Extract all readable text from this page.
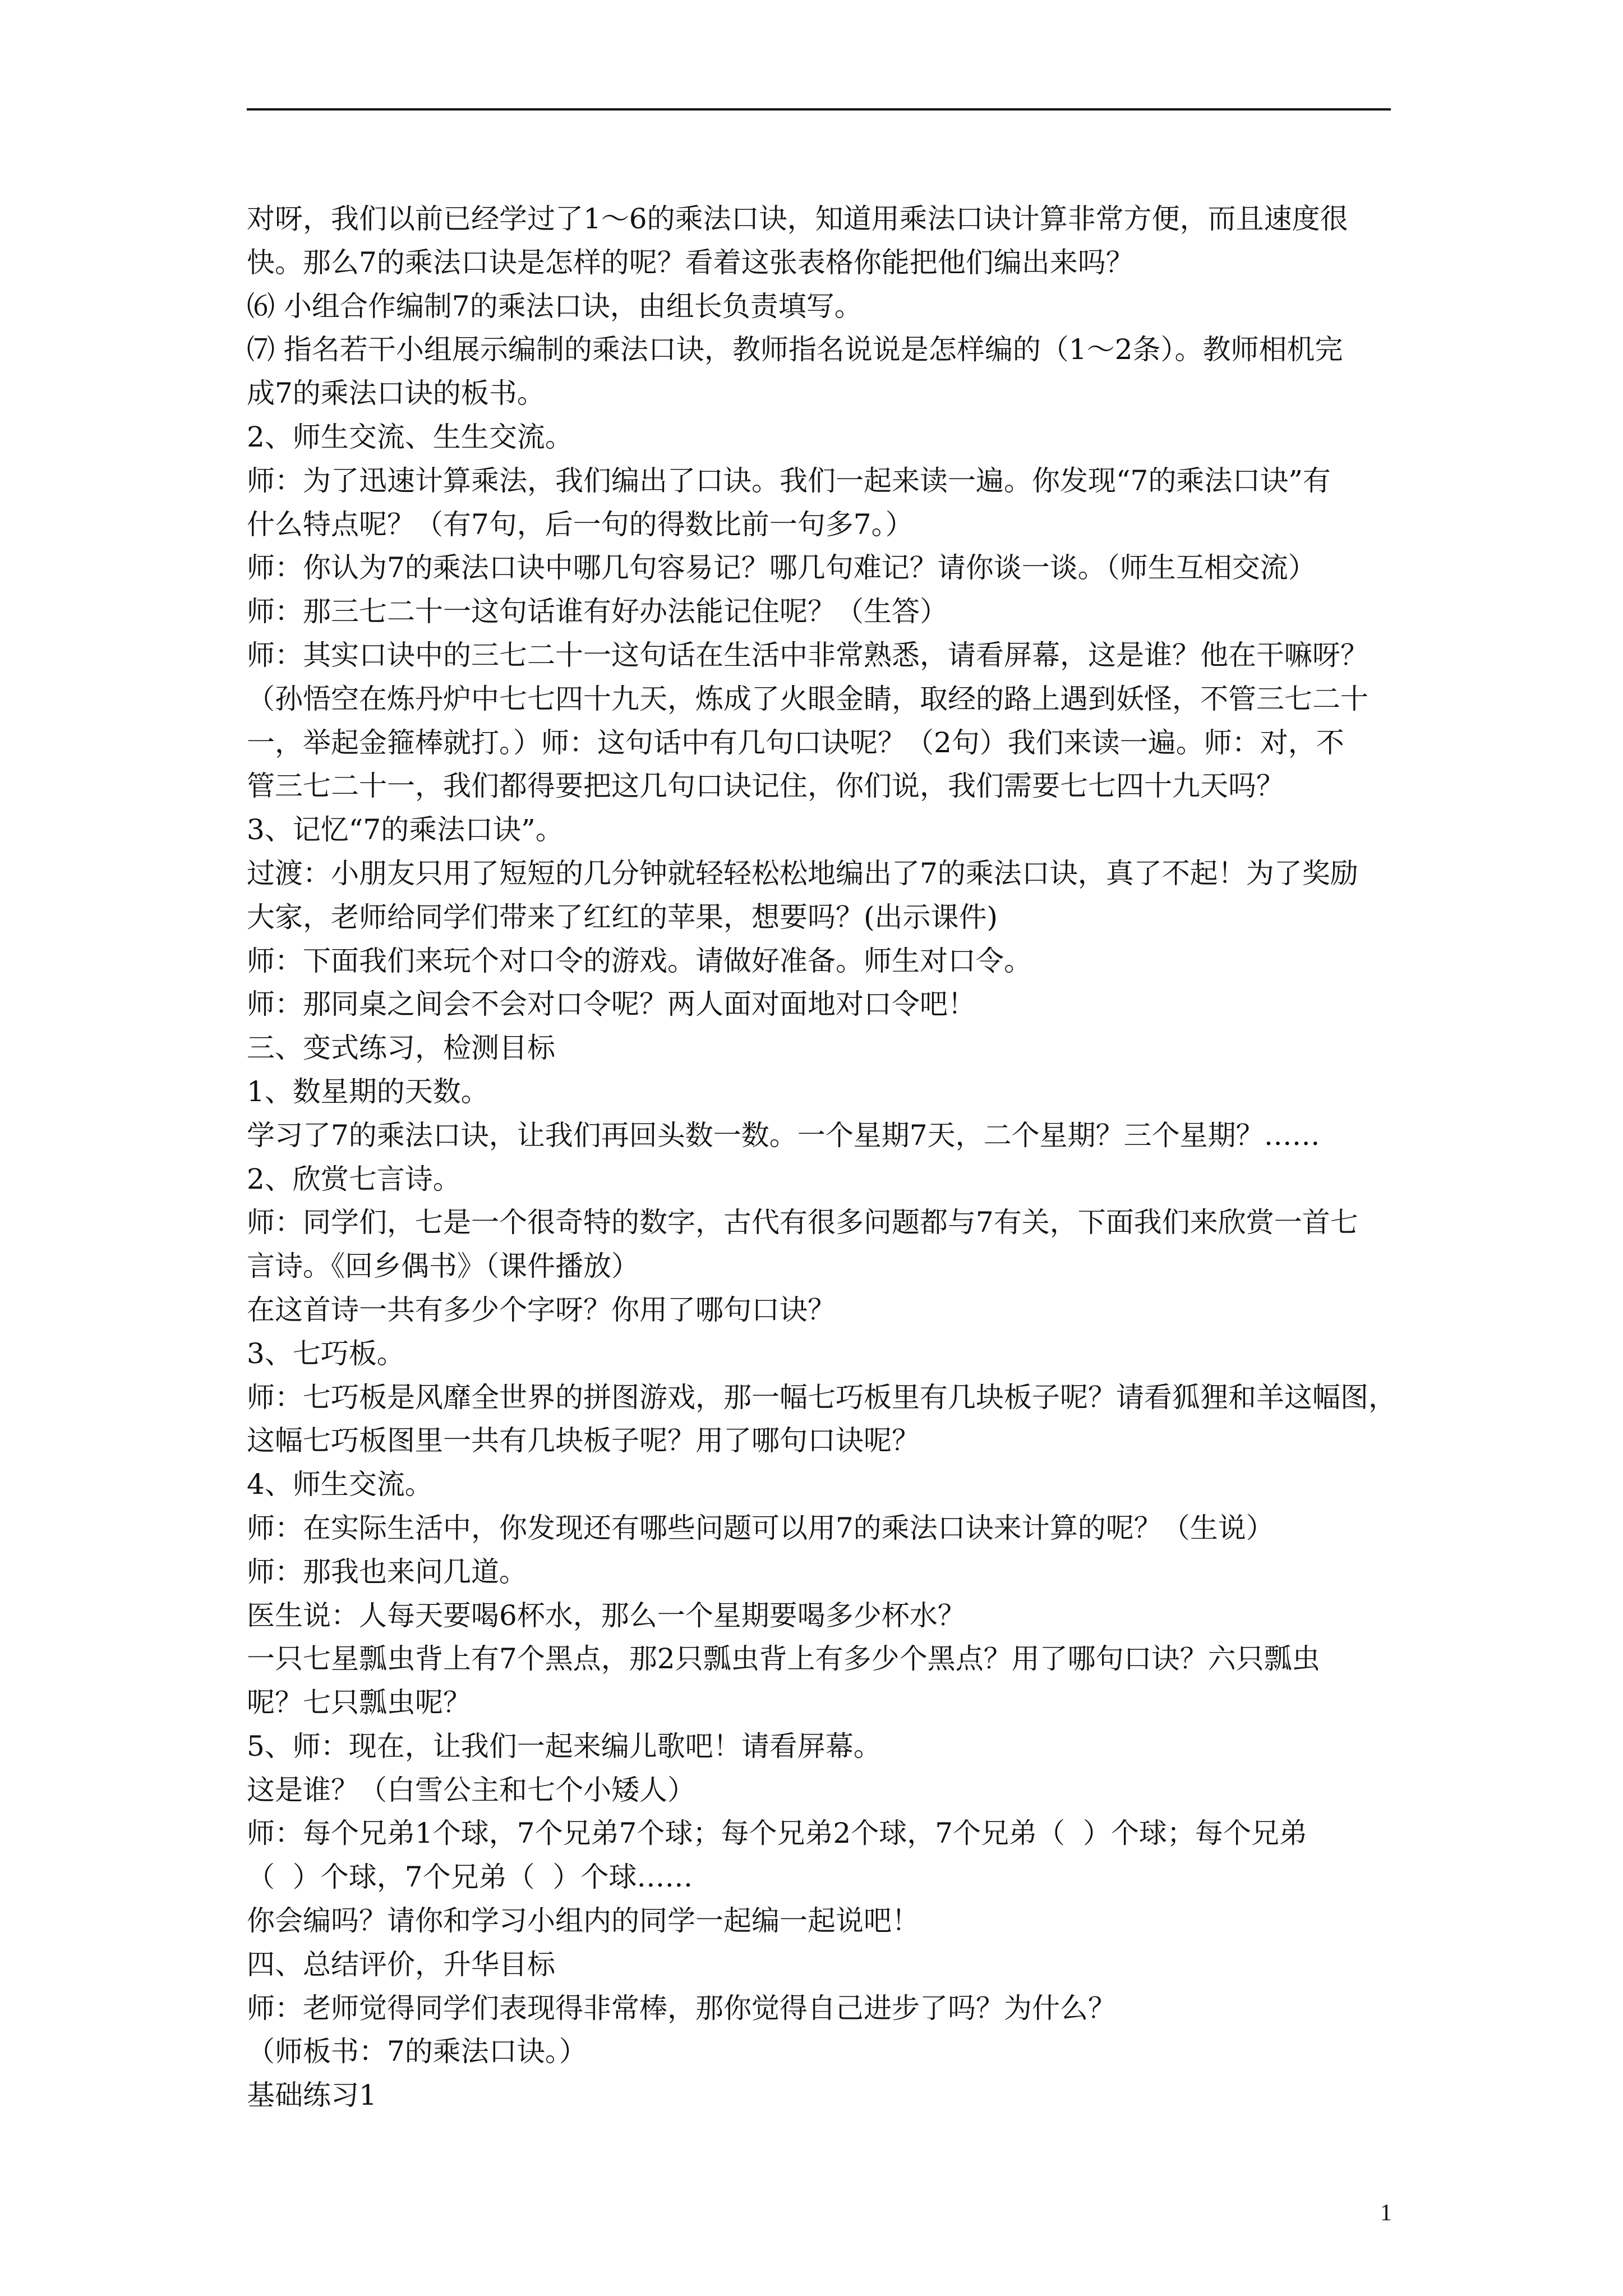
对呀，我们以前已经学过了1～6的乘法口诀，知道用乘法口诀计算非常方便，而且速度很
快。那么7的乘法口诀是怎样的呢？看着这张表格你能把他们编出来吗？
⑹ 小组合作编制7的乘法口诀，由组长负责填写。
⑺ 指名若干小组展示编制的乘法口诀，教师指名说说是怎样编的（1～2条）。教师相机完
成7的乘法口诀的板书。
2、师生交流、生生交流。
师：为了迅速计算乘法，我们编出了口诀。我们一起来读一遍。你发现“7的乘法口诀”有
什么特点呢？（有7句，后一句的得数比前一句多7。）
师：你认为7的乘法口诀中哪几句容易记？哪几句难记？请你谈一谈。（师生互相交流）
师：那三七二十一这句话谁有好办法能记住呢？（生答）
师：其实口诀中的三七二十一这句话在生活中非常熟悉，请看屏幕，这是谁？他在干嘛呀？
（孙悟空在炼丹炉中七七四十九天，炼成了火眼金睛，取经的路上遇到妖怪，不管三七二十
一，举起金箍棒就打。）师：这句话中有几句口诀呢？（2句）我们来读一遍。师：对，不
管三七二十一，我们都得要把这几句口诀记住，你们说，我们需要七七四十九天吗？
3、记忆“7的乘法口诀”。
过渡：小朋友只用了短短的几分钟就轻轻松松地编出了7的乘法口诀，真了不起！为了奖励
大家，老师给同学们带来了红红的苹果，想要吗？(出示课件)
师：下面我们来玩个对口令的游戏。请做好准备。师生对口令。
师：那同桌之间会不会对口令呢？两人面对面地对口令吧！
三、变式练习，检测目标
1、数星期的天数。
学习了7的乘法口诀，让我们再回头数一数。一个星期7天，二个星期？三个星期？……
2、欣赏七言诗。
师：同学们，七是一个很奇特的数字，古代有很多问题都与7有关，下面我们来欣赏一首七
言诗。《回乡偶书》（课件播放）
在这首诗一共有多少个字呀？你用了哪句口诀？
3、七巧板。
师：七巧板是风靡全世界的拼图游戏，那一幅七巧板里有几块板子呢？请看狐狸和羊这幅图，
这幅七巧板图里一共有几块板子呢？用了哪句口诀呢？
4、师生交流。
师：在实际生活中，你发现还有哪些问题可以用7的乘法口诀来计算的呢？（生说）
师：那我也来问几道。
医生说：人每天要喝6杯水，那么一个星期要喝多少杯水？
一只七星瓢虫背上有7个黑点，那2只瓢虫背上有多少个黑点？用了哪句口诀？六只瓢虫
呢？七只瓢虫呢？
5、师：现在，让我们一起来编儿歌吧！请看屏幕。
这是谁？（白雪公主和七个小矮人）
师：每个兄弟1个球，7个兄弟7个球；每个兄弟2个球，7个兄弟（  ）个球；每个兄弟
（  ）个球，7个兄弟（  ）个球……
你会编吗？请你和学习小组内的同学一起编一起说吧！
四、总结评价，升华目标
师：老师觉得同学们表现得非常棒，那你觉得自己进步了吗？为什么？
（师板书：7的乘法口诀。）
基础练习1
1
